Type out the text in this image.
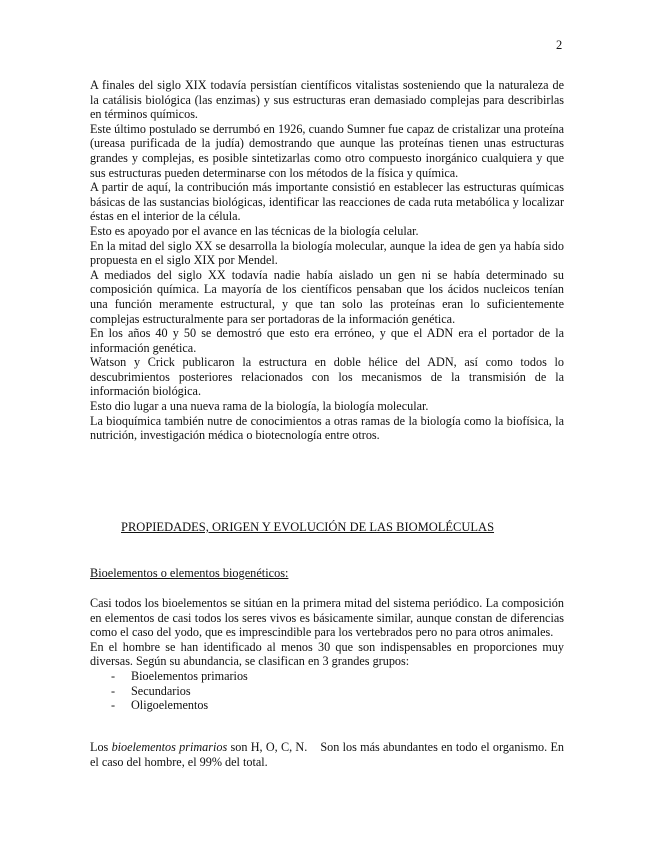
2

A finales del siglo XIX todavía persistían científicos vitalistas sosteniendo que la naturaleza de la catálisis biológica (las enzimas) y sus estructuras eran demasiado complejas para describirlas en términos químicos.

Este último postulado se derrumbó en 1926, cuando Sumner fue capaz de cristalizar una proteína (ureasa purificada de la judía) demostrando que aunque las proteínas tienen unas estructuras grandes y complejas, es posible sintetizarlas como otro compuesto inorgánico cualquiera y que sus estructuras pueden determinarse con los métodos de la física y química.

A partir de aquí, la contribución más importante consistió en establecer las estructuras químicas básicas de las sustancias biológicas, identificar las reacciones de cada ruta metabólica y localizar éstas en el interior de la célula.

Esto es apoyado por el avance en las técnicas de la biología celular.

En la mitad del siglo XX se desarrolla la biología molecular, aunque la idea de gen ya había sido propuesta en el siglo XIX por Mendel.

A mediados del siglo XX todavía nadie había aislado un gen ni se había determinado su composición química. La mayoría de los científicos pensaban que los ácidos nucleicos tenían una función meramente estructural, y que tan solo las proteínas eran lo suficientemente complejas estructuralmente para ser portadoras de la información genética.

En los años 40 y 50 se demostró que esto era erróneo, y que el ADN era el portador de la información genética.

Watson y Crick publicaron la estructura en doble hélice del ADN, así como todos lo descubrimientos posteriores relacionados con los mecanismos de la transmisión de la información biológica.

Esto dio lugar a una nueva rama de la biología, la biología molecular.

La bioquímica también nutre de conocimientos a otras ramas de la biología como la biofísica, la nutrición, investigación médica o biotecnología entre otros.

PROPIEDADES, ORIGEN Y EVOLUCIÓN DE LAS BIOMOLÉCULAS
Bioelementos o elementos biogenéticos:

Casi todos los bioelementos se sitúan en la primera mitad del sistema periódico. La composición en elementos de casi todos los seres vivos es básicamente similar, aunque constan de diferencias como el caso del yodo, que es imprescindible para los vertebrados pero no para otros animales.

En el hombre se han identificado al menos 30 que son indispensables en proporciones muy diversas. Según su abundancia, se clasifican en 3 grandes grupos:

- Bioelementos primarios
- Secundarios
- Oligoelementos

Los bioelementos primarios son H, O, C, N.    Son los más abundantes en todo el organismo. En el caso del hombre, el 99% del total.
